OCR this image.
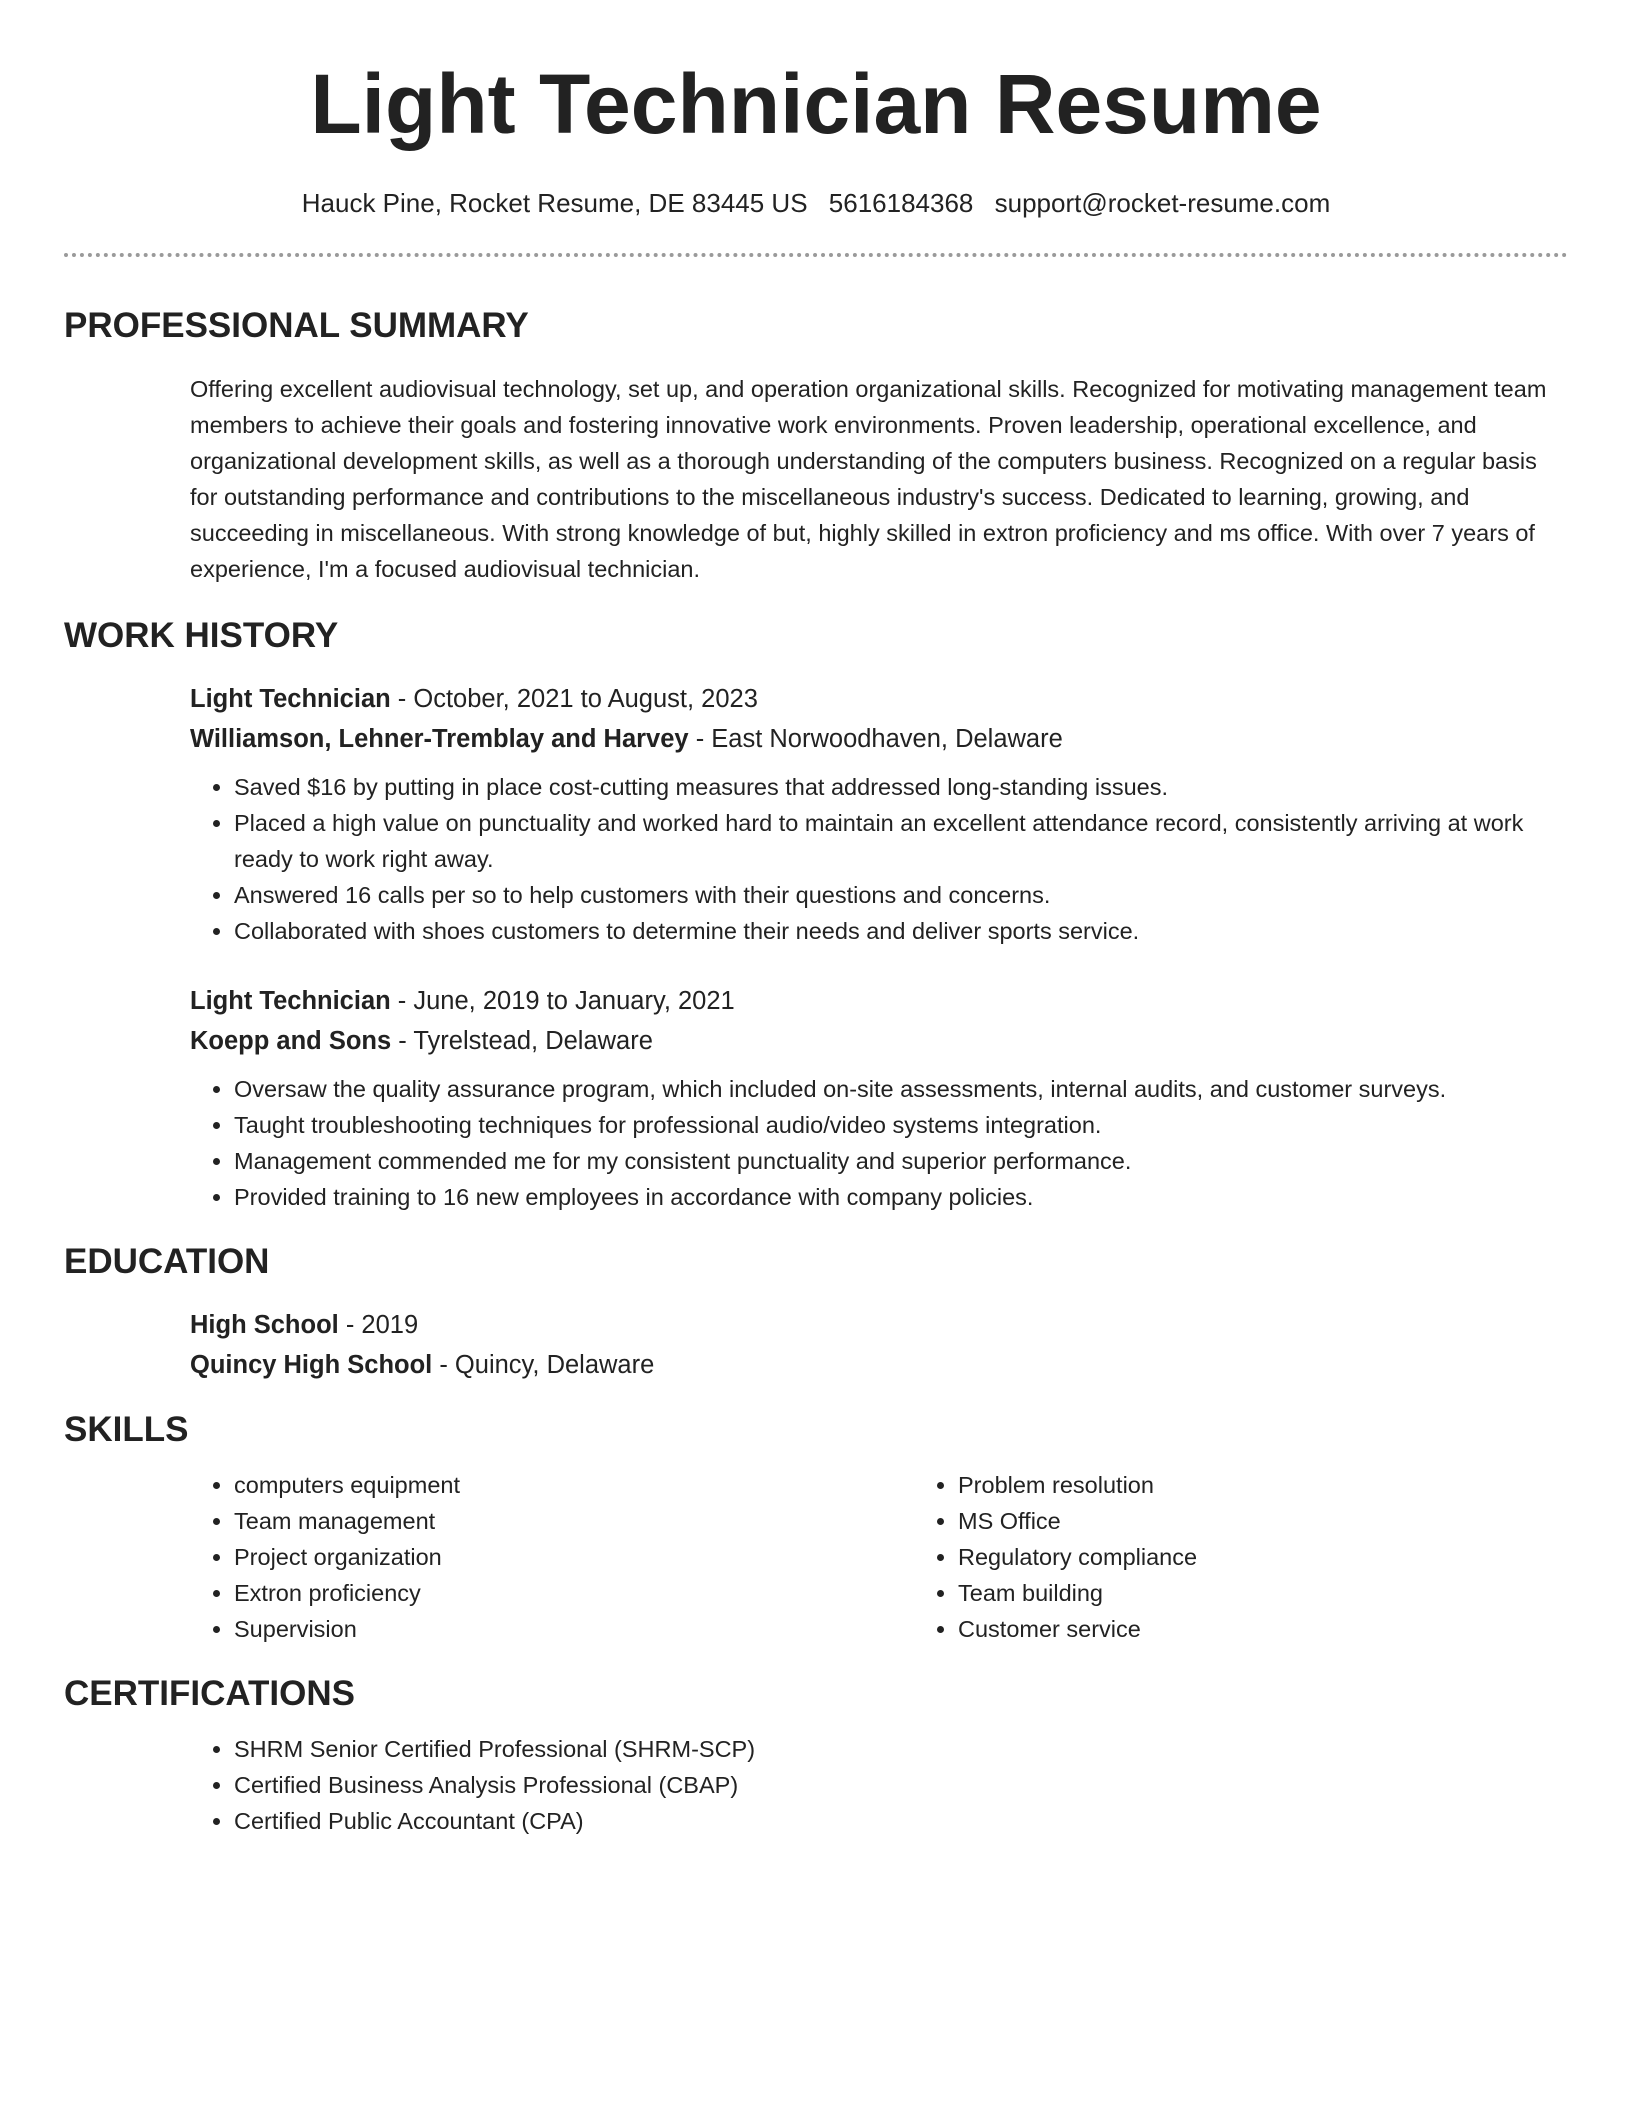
Light Technician Resume
Hauck Pine, Rocket Resume, DE 83445 US 5616184368 support@rocket-resume.com
PROFESSIONAL SUMMARY
Offering excellent audiovisual technology, set up, and operation organizational skills. Recognized for motivating management team members to achieve their goals and fostering innovative work environments. Proven leadership, operational excellence, and organizational development skills, as well as a thorough understanding of the computers business. Recognized on a regular basis for outstanding performance and contributions to the miscellaneous industry's success. Dedicated to learning, growing, and succeeding in miscellaneous. With strong knowledge of but, highly skilled in extron proficiency and ms office. With over 7 years of experience, I'm a focused audiovisual technician.
WORK HISTORY
Light Technician - October, 2021 to August, 2023
Williamson, Lehner-Tremblay and Harvey - East Norwoodhaven, Delaware
• Saved $16 by putting in place cost-cutting measures that addressed long-standing issues.
• Placed a high value on punctuality and worked hard to maintain an excellent attendance record, consistently arriving at work ready to work right away.
• Answered 16 calls per so to help customers with their questions and concerns.
• Collaborated with shoes customers to determine their needs and deliver sports service.
Light Technician - June, 2019 to January, 2021
Koepp and Sons - Tyrelstead, Delaware
• Oversaw the quality assurance program, which included on-site assessments, internal audits, and customer surveys.
• Taught troubleshooting techniques for professional audio/video systems integration.
• Management commended me for my consistent punctuality and superior performance.
• Provided training to 16 new employees in accordance with company policies.
EDUCATION
High School - 2019
Quincy High School - Quincy, Delaware
SKILLS
• computers equipment
• Team management
• Project organization
• Extron proficiency
• Supervision
• Problem resolution
• MS Office
• Regulatory compliance
• Team building
• Customer service
CERTIFICATIONS
• SHRM Senior Certified Professional (SHRM-SCP)
• Certified Business Analysis Professional (CBAP)
• Certified Public Accountant (CPA)
